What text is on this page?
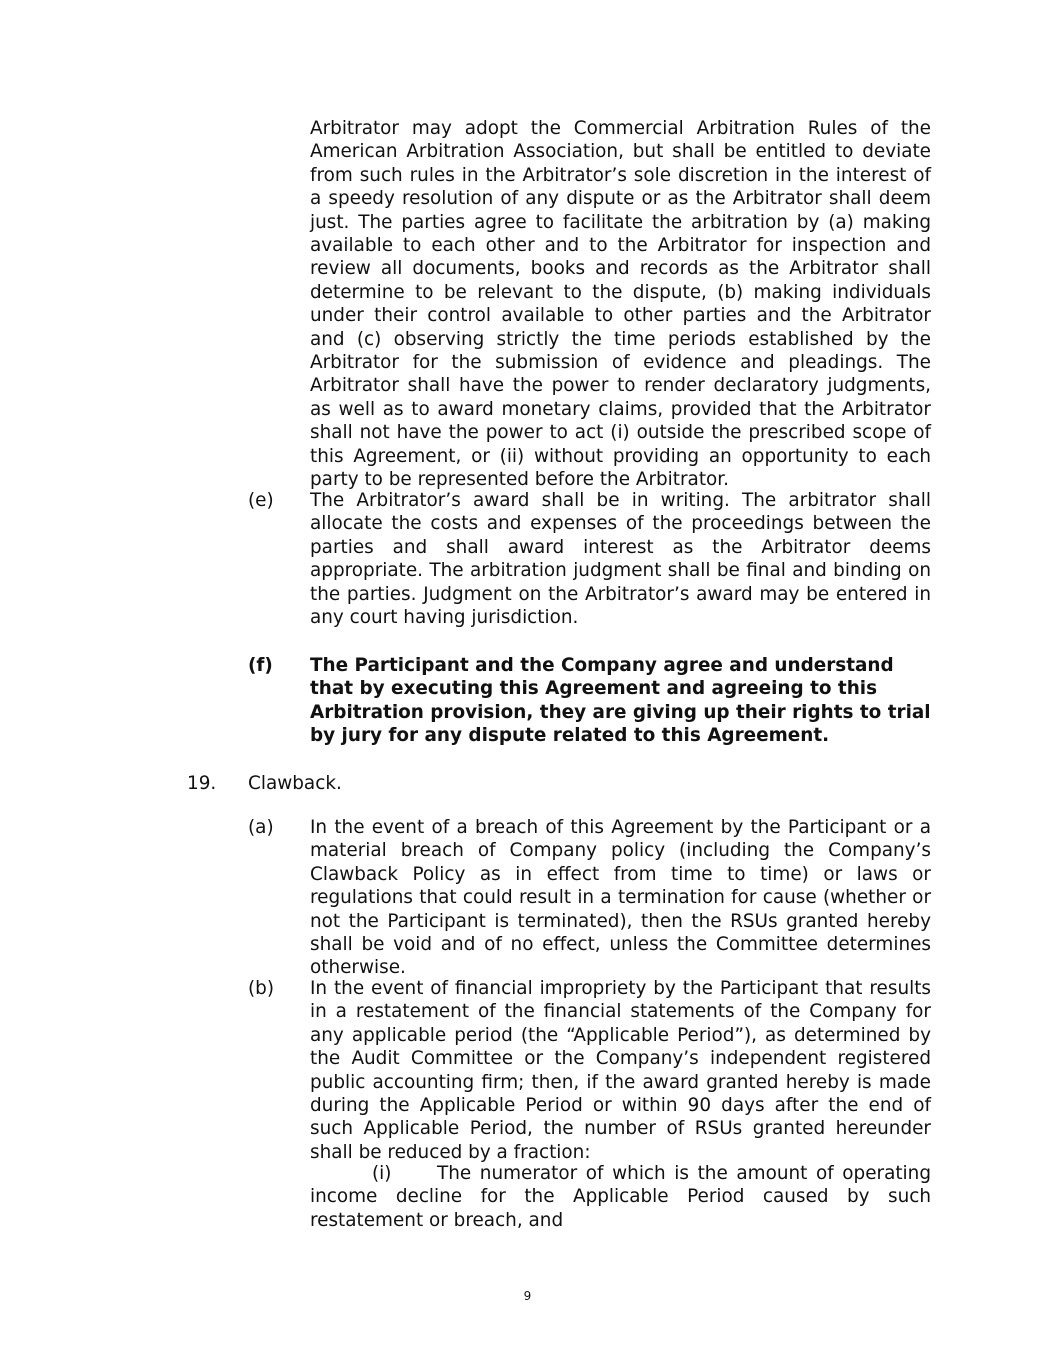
Arbitrator may adopt the Commercial Arbitration Rules of the American Arbitration Association, but shall be entitled to deviate from such rules in the Arbitrator’s sole discretion in the interest of a speedy resolution of any dispute or as the Arbitrator shall deem just. The parties agree to facilitate the arbitration by (a) making available to each other and to the Arbitrator for inspection and review all documents, books and records as the Arbitrator shall determine to be relevant to the dispute, (b) making individuals under their control available to other parties and the Arbitrator and (c) observing strictly the time periods established by the Arbitrator for the submission of evidence and pleadings. The Arbitrator shall have the power to render declaratory judgments, as well as to award monetary claims, provided that the Arbitrator shall not have the power to act (i) outside the prescribed scope of this Agreement, or (ii) without providing an opportunity to each party to be represented before the Arbitrator.

(e) The Arbitrator’s award shall be in writing. The arbitrator shall allocate the costs and expenses of the proceedings between the parties and shall award interest as the Arbitrator deems appropriate. The arbitration judgment shall be final and binding on the parties. Judgment on the Arbitrator’s award may be entered in any court having jurisdiction.

(f) The Participant and the Company agree and understand that by executing this Agreement and agreeing to this Arbitration provision, they are giving up their rights to trial by jury for any dispute related to this Agreement.

19. Clawback.
(a) In the event of a breach of this Agreement by the Participant or a material breach of Company policy (including the Company’s Clawback Policy as in effect from time to time) or laws or regulations that could result in a termination for cause (whether or not the Participant is terminated), then the RSUs granted hereby shall be void and of no effect, unless the Committee determines otherwise.

(b) In the event of financial impropriety by the Participant that results in a restatement of the financial statements of the Company for any applicable period (the “Applicable Period”), as determined by the Audit Committee or the Company’s independent registered public accounting firm; then, if the award granted hereby is made during the Applicable Period or within 90 days after the end of such Applicable Period, the number of RSUs granted hereunder shall be reduced by a fraction:

(i) The numerator of which is the amount of operating income decline for the Applicable Period caused by such restatement or breach, and

9
